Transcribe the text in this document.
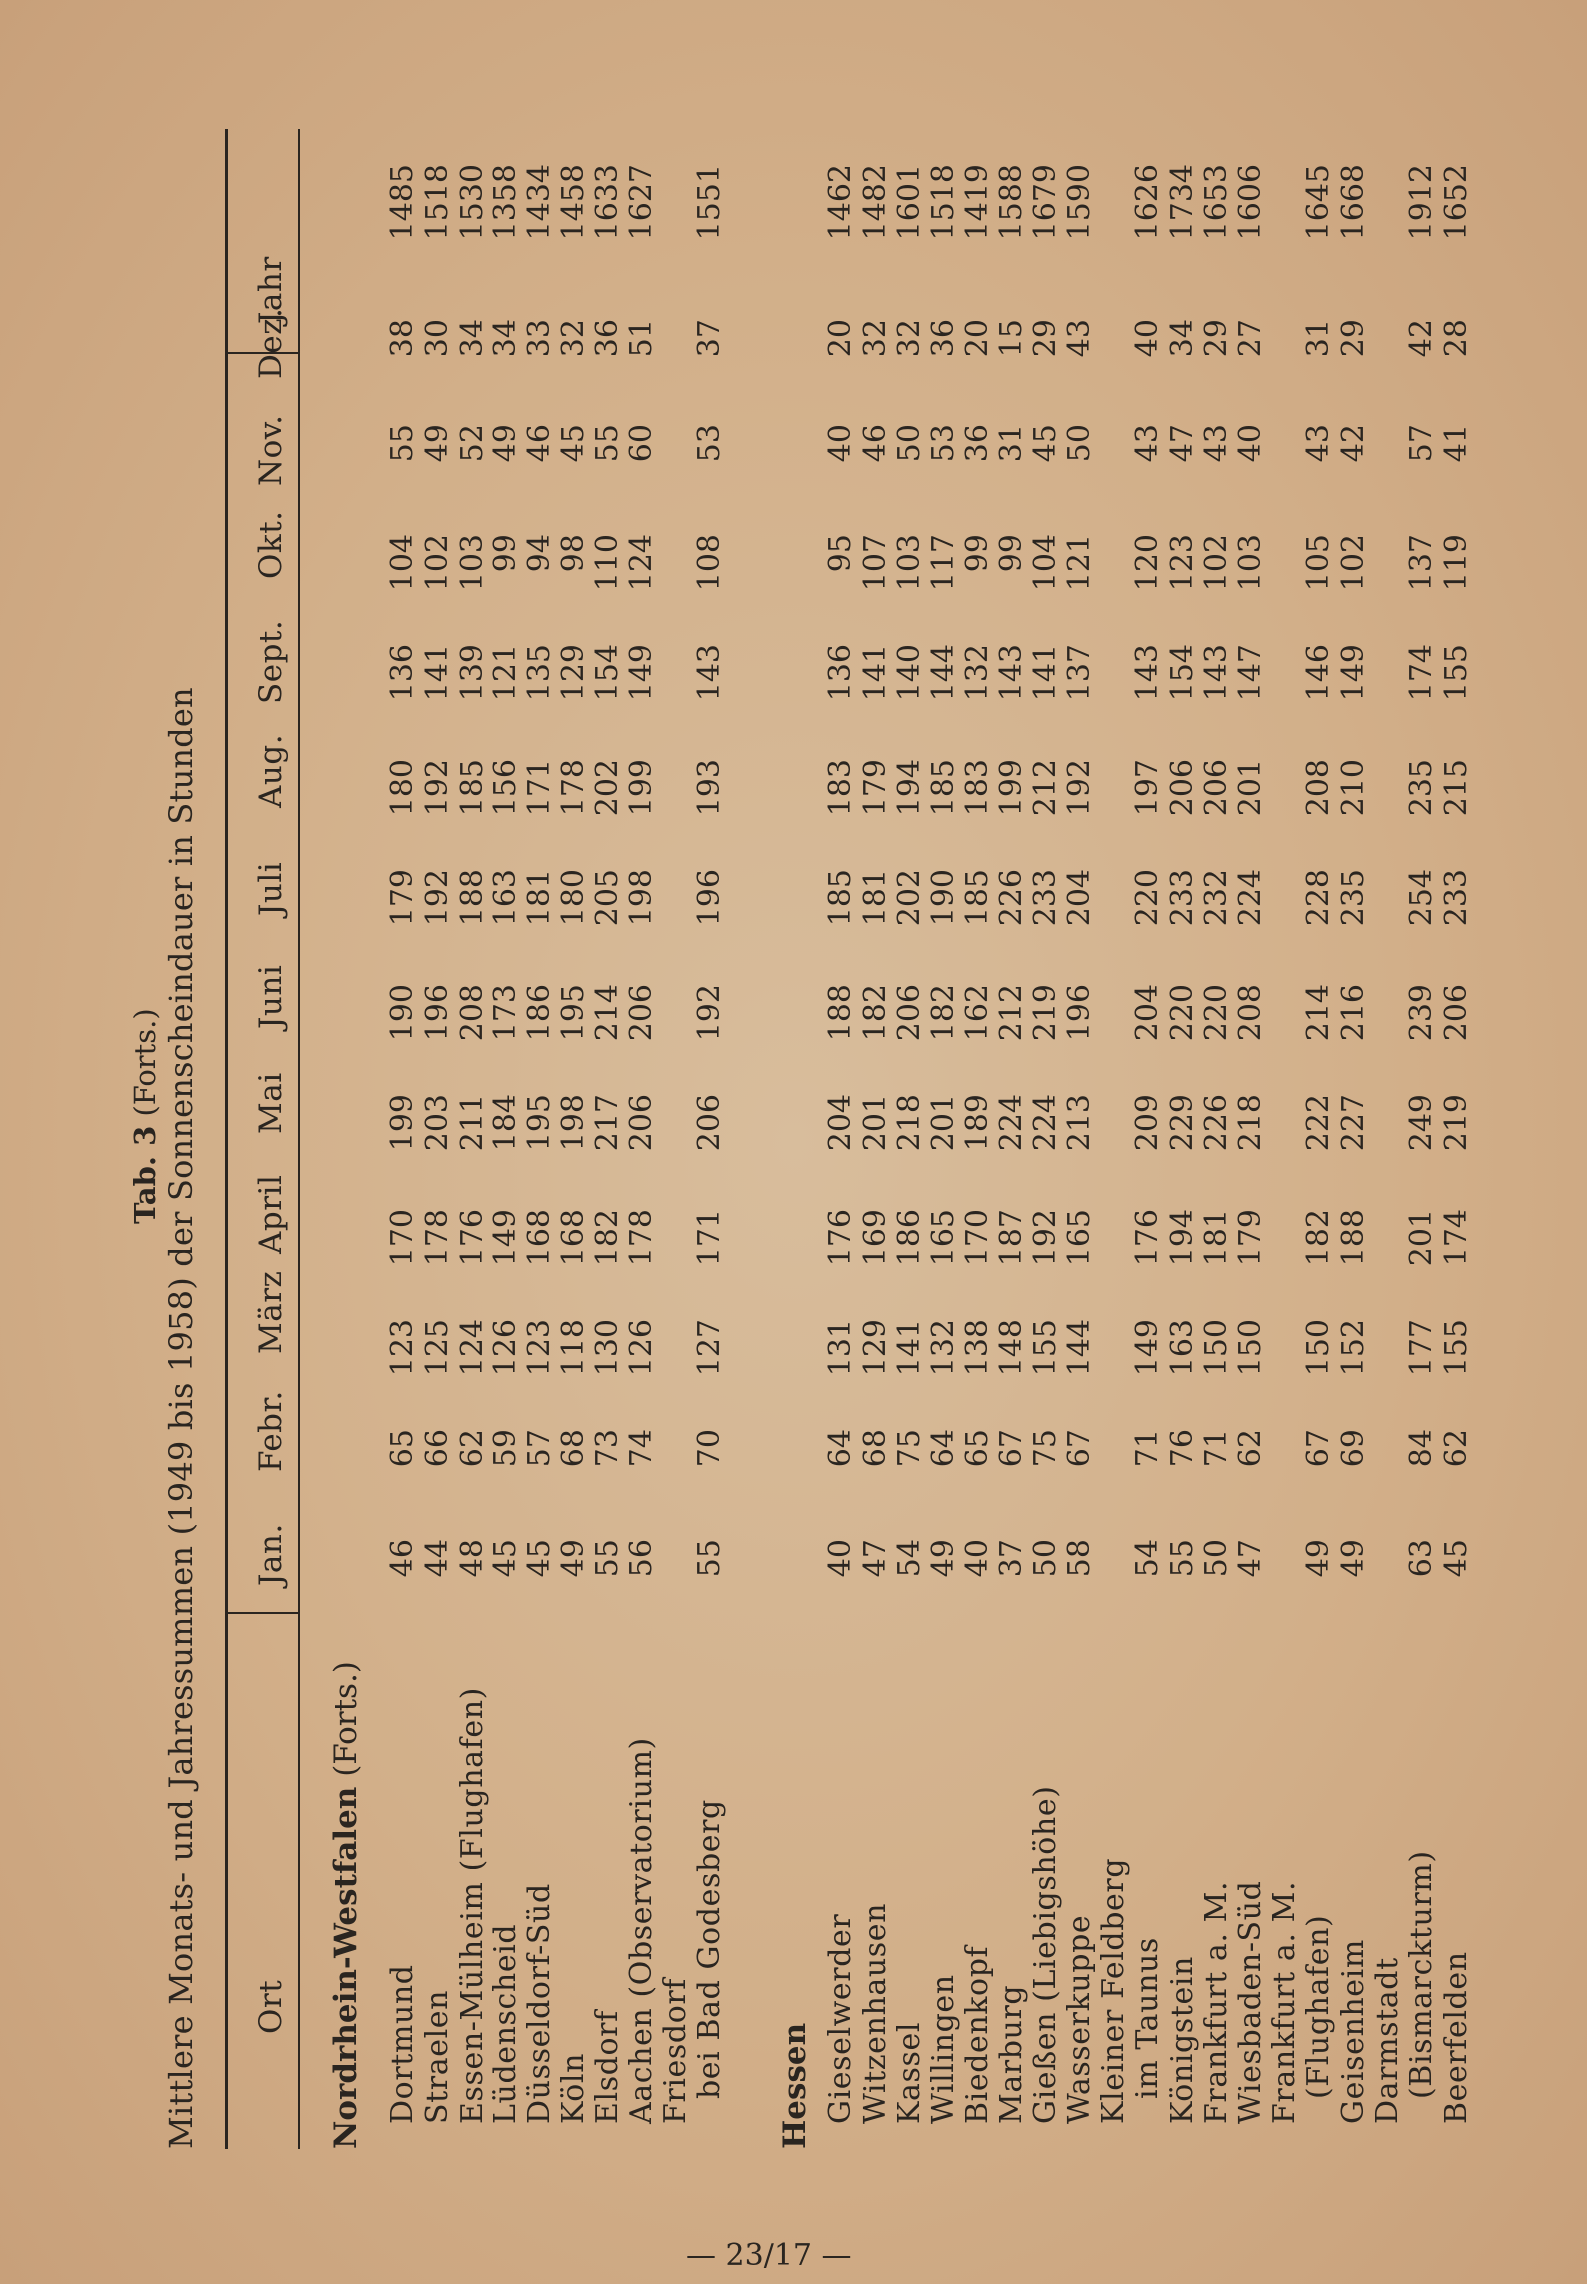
Tab. 3 (Forts.) Mittlere Monats- und Jahressummen (1949 bis 1958) der Sonnenscheindauer in Stunden Ort
Jan.
Febr.
März
April
Mai
Juni
Juli
Aug.
Sept.
Okt.
Nov.
Dez.
Jahr
Nordrhein-Westfalen (Forts.)
Dortmund
46
65
123
170
199
190
179
180
136
104
55
38
1485
Straelen
44
66
125
178
203
196
192
192
141
102
49
30
1518
Essen-Mülheim (Flughafen)
48
62
124
176
211
208
188
185
139
103
52
34
1530
Lüdenscheid
45
59
126
149
184
173
163
156
121
99
49
34
1358
Düsseldorf-Süd
45
57
123
168
195
186
181
171
135
94
46
33
1434
Köln
49
68
118
168
198
195
180
178
129
98
45
32
1458
Elsdorf
55
73
130
182
217
214
205
202
154
110
55
36
1633
Aachen (Observatorium)
56
74
126
178
206
206
198
199
149
124
60
51
1627
Friesdorf bei Bad Godesberg
55
70
127
171
206
192
196
193
143
108
53
37
1551
Hessen Gieselwerder
40
64
131
176
204
188
185
183
136
95
40
20
1462
Witzenhausen
47
68
129
169
201
182
181
179
141
107
46
32
1482
Kassel
54
75
141
186
218
206
202
194
140
103
50
32
1601
Willingen
49
64
132
165
201
182
190
185
144
117
53
36
1518
Biedenkopf
40
65
138
170
189
162
185
183
132
99
36
20
1419
Marburg
37
67
148
187
224
212
226
199
143
99
31
15
1588
Gießen (Liebigshöhe)
50
75
155
192
224
219
233
212
141
104
45
29
1679
Wasserkuppe
58
67
144
165
213
196
204
192
137
121
50
43
1590
Kleiner Feldberg im Taunus
54
71
149
176
209
204
220
197
143
120
43
40
1626
Königstein
55
76
163
194
229
220
233
206
154
123
47
34
1734
Frankfurt a. M.
50
71
150
181
226
220
232
206
143
102
43
29
1653
Wiesbaden-Süd
47
62
150
179
218
208
224
201
147
103
40
27
1606
Frankfurt a. M. (Flughafen)
49
67
150
182
222
214
228
208
146
105
43
31
1645
Geisenheim
49
69
152
188
227
216
235
210
149
102
42
29
1668
Darmstadt (Bismarckturm)
63
84
177
201
249
239
254
235
174
137
57
42
1912
Beerfelden
45
62
155
174
219
206
233
215
155
119
41
28
1652
— 23/17 —
